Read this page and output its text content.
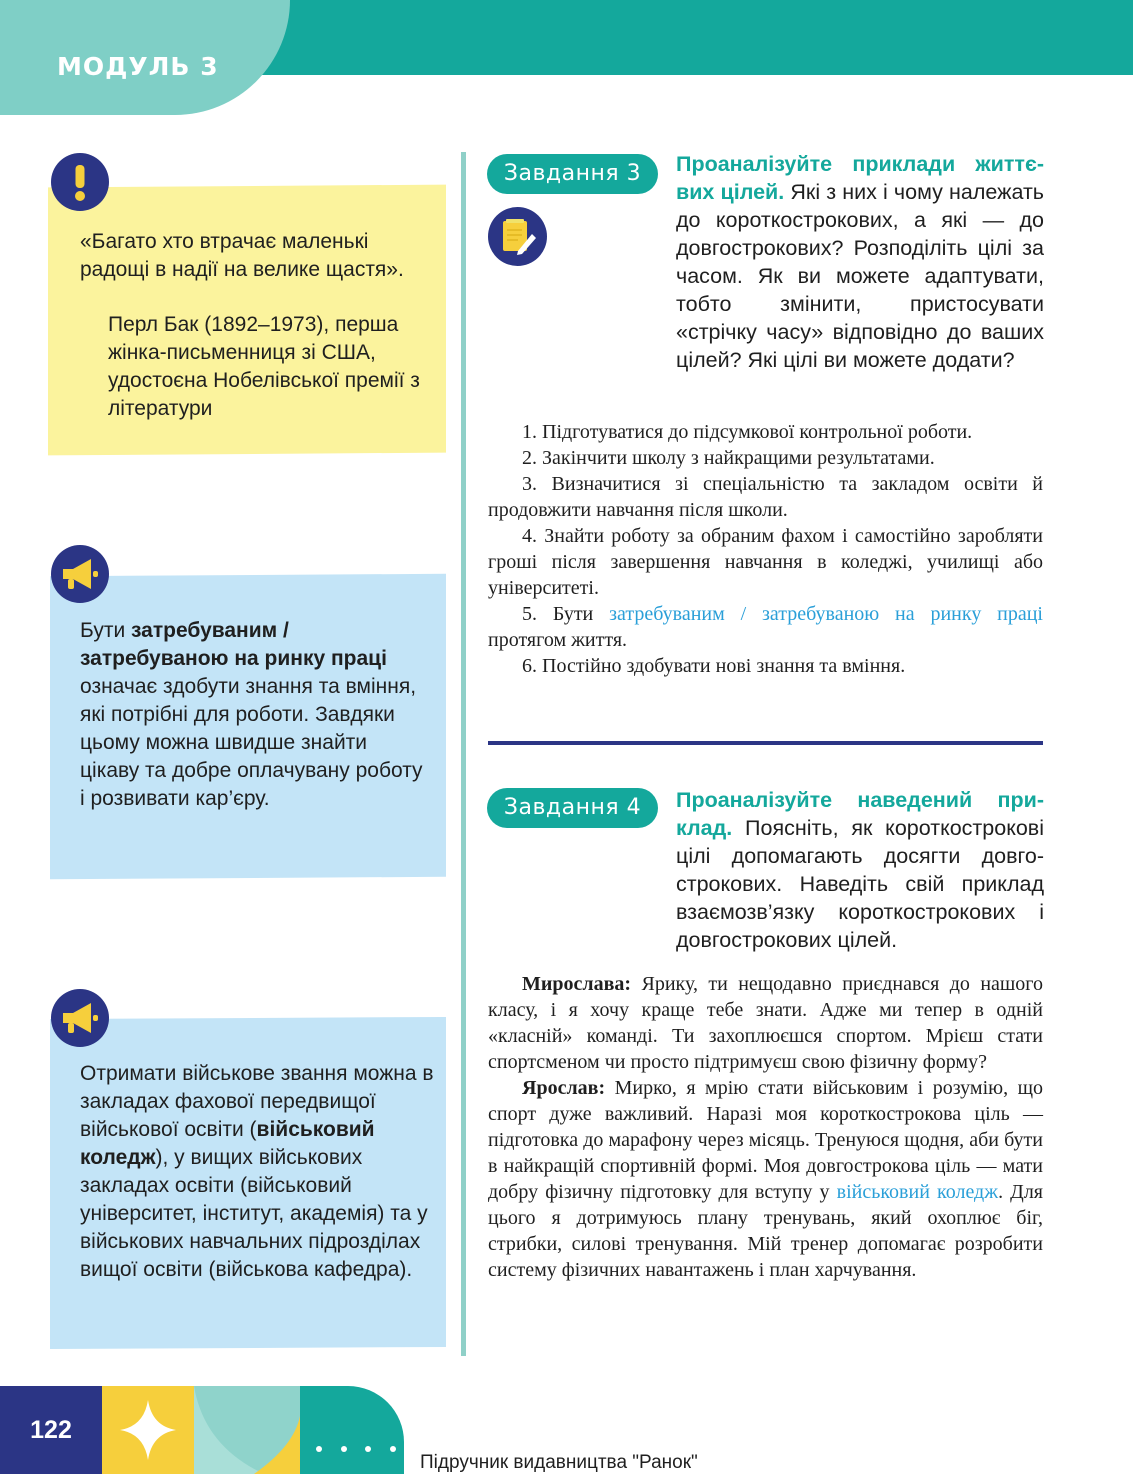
МОДУЛЬ 3
«Багато хто втрачає маленькі радощі в надії на велике щастя».
Перл Бак (1892–1973), перша жінка-письменниця зі США, удостоєна Нобелівської премії з літератури
Бути затребуваним / затребуваною на ринку праці означає здобути знання та вміння, які потрібні для роботи. Завдяки цьому можна швидше знайти цікаву та добре оплачувану роботу і розвивати кар’єру.
Отримати військове звання можна в закладах фахової передвищої військової освіти (військовий коледж), у вищих військових закладах освіти (військовий університет, інститут, академія) та у військових навчальних підрозділах вищої освіти (військова кафедра).
Завдання 3	Проаналізуйте приклади життєвих цілей. Які з них і чому належать до короткострокових, а які — до довгострокових? Розподіліть цілі за часом. Як ви можете адаптувати, тобто змінити, пристосувати «стрічку часу» відповідно до ваших цілей? Які цілі ви можете додати?

1. Підготуватися до підсумкової контрольної роботи.

2. Закінчити школу з найкращими результатами.

3. Визначитися зі спеціальністю та закладом освіти й продовжити навчання після школи.

4. Знайти роботу за обраним фахом і самостійно заробляти гроші після завершення навчання в коледжі, училищі або університеті.

5. Бути затребуваним / затребуваною на ринку праці протягом життя.

6. Постійно здобувати нові знання та вміння.

Завдання 4	Проаналізуйте наведений приклад. Поясніть, як короткострокові цілі допомагають досягти довгострокових. Наведіть свій приклад взаємозв’язку короткострокових і довгострокових цілей.

Мирослава: Ярику, ти нещодавно приєднався до нашого класу, і я хочу краще тебе знати. Адже ми тепер в одній «класній» команді. Ти захоплюєшся спортом. Мрієш стати спортсменом чи просто підтримуєш свою фізичну форму?

Ярослав: Мирко, я мрію стати військовим і розумію, що спорт дуже важливий. Наразі моя короткострокова ціль — підготовка до марафону через місяць. Тренуюся щодня, аби бути в найкращій спортивній формі. Моя довгострокова ціль — мати добру фізичну підготовку для вступу у військовий коледж. Для цього я дотримуюсь плану тренувань, який охоплює біг, стрибки, силові тренування. Мій тренер допомагає розробити систему фізичних навантажень і план харчування.

122
Підручник видавництва "Ранок"
